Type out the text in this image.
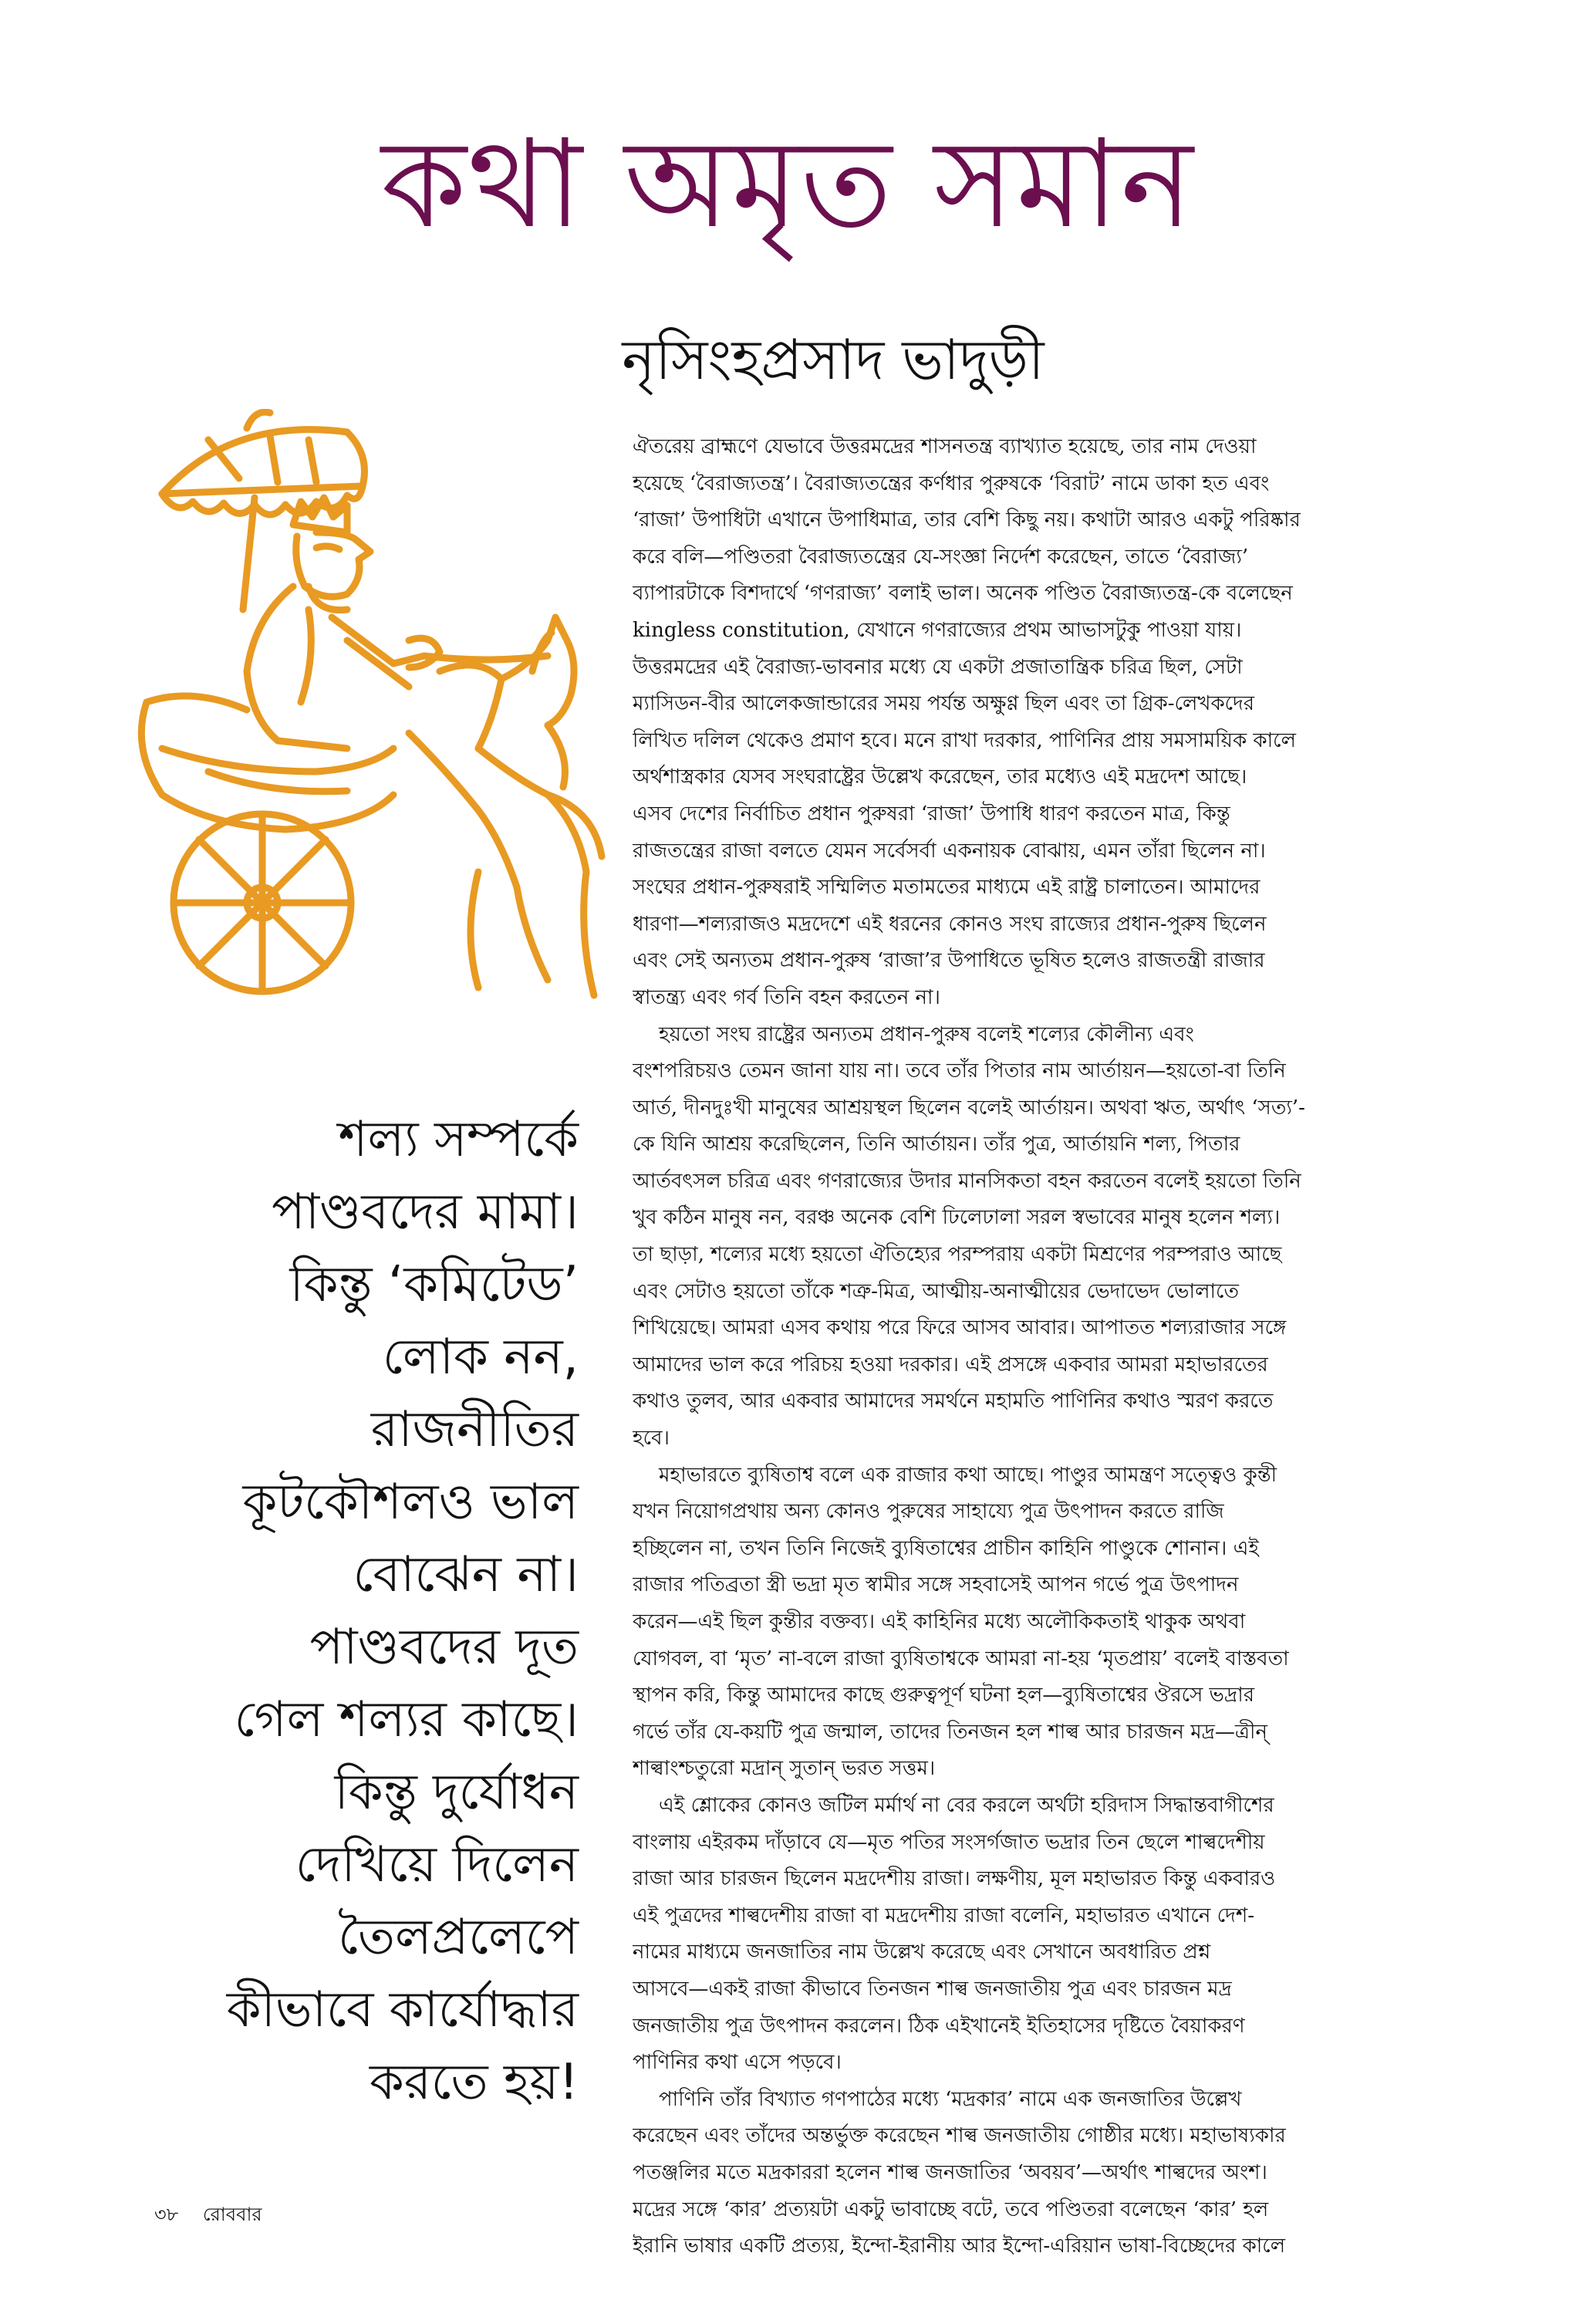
কথা অমৃত সমান
নৃসিংহপ্রসাদ ভাদুড়ী
শল্য সম্পর্কে
পাণ্ডবদের মামা।
কিন্তু ‘কমিটেড’
লোক নন,
রাজনীতির
কূটকৌশলও ভাল
বোঝেন না।
পাণ্ডবদের দূত
গেল শল্যর কাছে।
কিন্তু দুর্যোধন
দেখিয়ে দিলেন
তৈলপ্রলেপে
কীভাবে কার্যোদ্ধার
করতে হয়!
ঐতরেয় ব্রাহ্মণে যেভাবে উত্তরমদ্রের শাসনতন্ত্র ব্যাখ্যাত হয়েছে, তার নাম দেওয়া
হয়েছে ‘বৈরাজ্যতন্ত্র’। বৈরাজ্যতন্ত্রের কর্ণধার পুরুষকে ‘বিরাট’ নামে ডাকা হত এবং
‘রাজা’ উপাধিটা এখানে উপাধিমাত্র, তার বেশি কিছু নয়। কথাটা আরও একটু পরিষ্কার
করে বলি—পণ্ডিতরা বৈরাজ্যতন্ত্রের যে-সংজ্ঞা নির্দেশ করেছেন, তাতে ‘বৈরাজ্য’
ব্যাপারটাকে বিশদার্থে ‘গণরাজ্য’ বলাই ভাল। অনেক পণ্ডিত বৈরাজ্যতন্ত্র-কে বলেছেন
kingless constitution, যেখানে গণরাজ্যের প্রথম আভাসটুকু পাওয়া যায়।
উত্তরমদ্রের এই বৈরাজ্য-ভাবনার মধ্যে যে একটা প্রজাতান্ত্রিক চরিত্র ছিল, সেটা
ম্যাসিডন-বীর আলেকজান্ডারের সময় পর্যন্ত অক্ষুণ্ণ ছিল এবং তা গ্রিক-লেখকদের
লিখিত দলিল থেকেও প্রমাণ হবে। মনে রাখা দরকার, পাণিনির প্রায় সমসাময়িক কালে
অর্থশাস্ত্রকার যেসব সংঘরাষ্ট্রের উল্লেখ করেছেন, তার মধ্যেও এই মদ্রদেশ আছে।
এসব দেশের নির্বাচিত প্রধান পুরুষরা ‘রাজা’ উপাধি ধারণ করতেন মাত্র, কিন্তু
রাজতন্ত্রের রাজা বলতে যেমন সর্বেসর্বা একনায়ক বোঝায়, এমন তাঁরা ছিলেন না।
সংঘের প্রধান-পুরুষরাই সম্মিলিত মতামতের মাধ্যমে এই রাষ্ট্র চালাতেন। আমাদের
ধারণা—শল্যরাজও মদ্রদেশে এই ধরনের কোনও সংঘ রাজ্যের প্রধান-পুরুষ ছিলেন
এবং সেই অন্যতম প্রধান-পুরুষ ‘রাজা’র উপাধিতে ভূষিত হলেও রাজতন্ত্রী রাজার
স্বাতন্ত্র্য এবং গর্ব তিনি বহন করতেন না।
হয়তো সংঘ রাষ্ট্রের অন্যতম প্রধান-পুরুষ বলেই শল্যের কৌলীন্য এবং
বংশপরিচয়ও তেমন জানা যায় না। তবে তাঁর পিতার নাম আর্তায়ন—হয়তো-বা তিনি
আর্ত, দীনদুঃখী মানুষের আশ্রয়স্থল ছিলেন বলেই আর্তায়ন। অথবা ঋত, অর্থাৎ ‘সত্য’-
কে যিনি আশ্রয় করেছিলেন, তিনি আর্তায়ন। তাঁর পুত্র, আর্তায়নি শল্য, পিতার
আর্তবৎসল চরিত্র এবং গণরাজ্যের উদার মানসিকতা বহন করতেন বলেই হয়তো তিনি
খুব কঠিন মানুষ নন, বরঞ্চ অনেক বেশি ঢিলেঢালা সরল স্বভাবের মানুষ হলেন শল্য।
তা ছাড়া, শল্যের মধ্যে হয়তো ঐতিহ্যের পরম্পরায় একটা মিশ্রণের পরম্পরাও আছে
এবং সেটাও হয়তো তাঁকে শত্রু-মিত্র, আত্মীয়-অনাত্মীয়ের ভেদাভেদ ভোলাতে
শিখিয়েছে। আমরা এসব কথায় পরে ফিরে আসব আবার। আপাতত শল্যরাজার সঙ্গে
আমাদের ভাল করে পরিচয় হওয়া দরকার। এই প্রসঙ্গে একবার আমরা মহাভারতের
কথাও তুলব, আর একবার আমাদের সমর্থনে মহামতি পাণিনির কথাও স্মরণ করতে
হবে।
মহাভারতে ব্যুষিতাশ্ব বলে এক রাজার কথা আছে। পাণ্ডুর আমন্ত্রণ সত্ত্বেও কুন্তী
যখন নিয়োগপ্রথায় অন্য কোনও পুরুষের সাহায্যে পুত্র উৎপাদন করতে রাজি
হচ্ছিলেন না, তখন তিনি নিজেই ব্যুষিতাশ্বের প্রাচীন কাহিনি পাণ্ডুকে শোনান। এই
রাজার পতিব্রতা স্ত্রী ভদ্রা মৃত স্বামীর সঙ্গে সহবাসেই আপন গর্ভে পুত্র উৎপাদন
করেন—এই ছিল কুন্তীর বক্তব্য। এই কাহিনির মধ্যে অলৌকিকতাই থাকুক অথবা
যোগবল, বা ‘মৃত’ না-বলে রাজা ব্যুষিতাশ্বকে আমরা না-হয় ‘মৃতপ্রায়’ বলেই বাস্তবতা
স্থাপন করি, কিন্তু আমাদের কাছে গুরুত্বপূর্ণ ঘটনা হল—ব্যুষিতাশ্বের ঔরসে ভদ্রার
গর্ভে তাঁর যে-কয়টি পুত্র জন্মাল, তাদের তিনজন হল শাল্ব আর চারজন মদ্র—ত্রীন্
শাল্বাংশ্চতুরো মদ্রান্ সুতান্ ভরত সত্তম।
এই শ্লোকের কোনও জটিল মর্মার্থ না বের করলে অর্থটা হরিদাস সিদ্ধান্তবাগীশের
বাংলায় এইরকম দাঁড়াবে যে—মৃত পতির সংসর্গজাত ভদ্রার তিন ছেলে শাল্বদেশীয়
রাজা আর চারজন ছিলেন মদ্রদেশীয় রাজা। লক্ষণীয়, মূল মহাভারত কিন্তু একবারও
এই পুত্রদের শাল্বদেশীয় রাজা বা মদ্রদেশীয় রাজা বলেনি, মহাভারত এখানে দেশ-
নামের মাধ্যমে জনজাতির নাম উল্লেখ করেছে এবং সেখানে অবধারিত প্রশ্ন
আসবে—একই রাজা কীভাবে তিনজন শাল্ব জনজাতীয় পুত্র এবং চারজন মদ্র
জনজাতীয় পুত্র উৎপাদন করলেন। ঠিক এইখানেই ইতিহাসের দৃষ্টিতে বৈয়াকরণ
পাণিনির কথা এসে পড়বে।
পাণিনি তাঁর বিখ্যাত গণপাঠের মধ্যে ‘মদ্রকার’ নামে এক জনজাতির উল্লেখ
করেছেন এবং তাঁদের অন্তর্ভুক্ত করেছেন শাল্ব জনজাতীয় গোষ্ঠীর মধ্যে। মহাভাষ্যকার
পতঞ্জলির মতে মদ্রকাররা হলেন শাল্ব জনজাতির ‘অবয়ব’—অর্থাৎ শাল্বদের অংশ।
মদ্রের সঙ্গে ‘কার’ প্রত্যয়টা একটু ভাবাচ্ছে বটে, তবে পণ্ডিতরা বলেছেন ‘কার’ হল
ইরানি ভাষার একটি প্রত্যয়, ইন্দো-ইরানীয় আর ইন্দো-এরিয়ান ভাষা-বিচ্ছেদের কালে
৩৮ রোববার
